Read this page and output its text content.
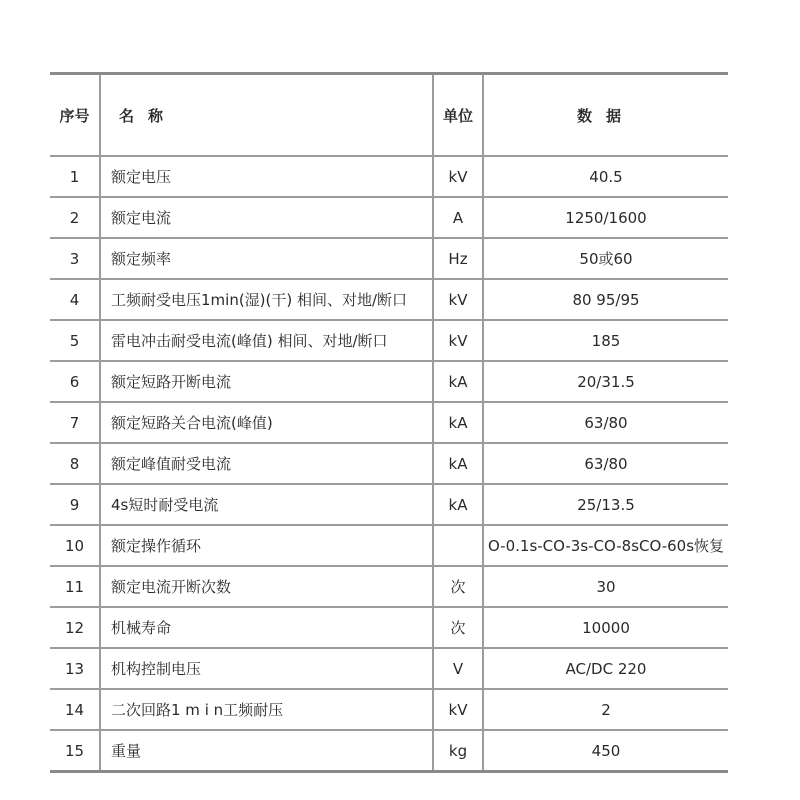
序号	名称	单位	数据
1	额定电压	kV	40.5
2	额定电流	A	1250/1600
3	额定频率	Hz	50或60
4	工频耐受电压1min(湿)(干) 相间、对地/断口	kV	80 95/95
5	雷电冲击耐受电流(峰值) 相间、对地/断口	kV	185
6	额定短路开断电流	kA	20/31.5
7	额定短路关合电流(峰值)	kA	63/80
8	额定峰值耐受电流	kA	63/80
9	4s短时耐受电流	kA	25/13.5
10	额定操作循环		O-0.1s-CO-3s-CO-8sCO-60s恢复
11	额定电流开断次数	次	30
12	机械寿命	次	10000
13	机构控制电压	V	AC/DC 220
14	二次回路1 m i n工频耐压	kV	2
15	重量	kg	450
